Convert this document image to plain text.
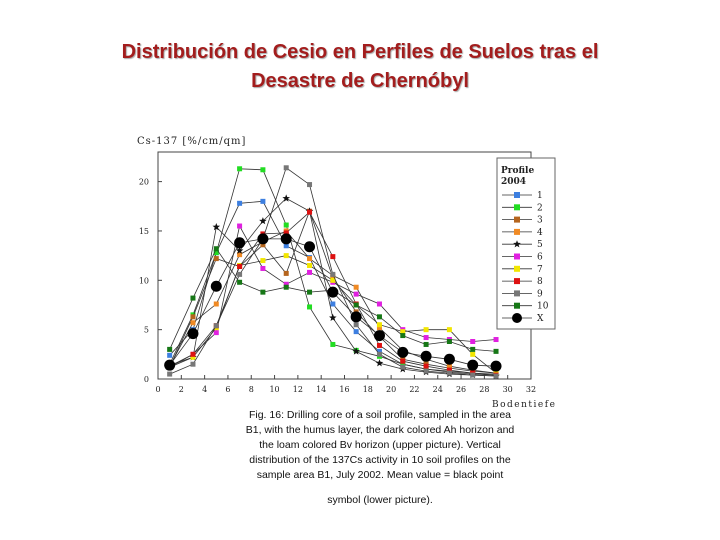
Distribución de Cesio en Perfiles de Suelos tras el
Desastre de Chernóbyl
Cs-137 [%/cm/qm]
Bodentiefe
0 2 4 6 8 10 12 14 16 18 20 22 24 26 28 30 32
0
5
10
15
20
Profile
2004
1
2
3
4
5
6
7
8
9
10
X
Fig. 16: Drilling core of a soil profile, sampled in the area
B1, with the humus layer, the dark colored Ah horizon and
the loam colored Bv horizon (upper picture). Vertical
distribution of the 137Cs activity in 10 soil profiles on the
sample area B1, July 2002. Mean value = black point
symbol (lower picture).
